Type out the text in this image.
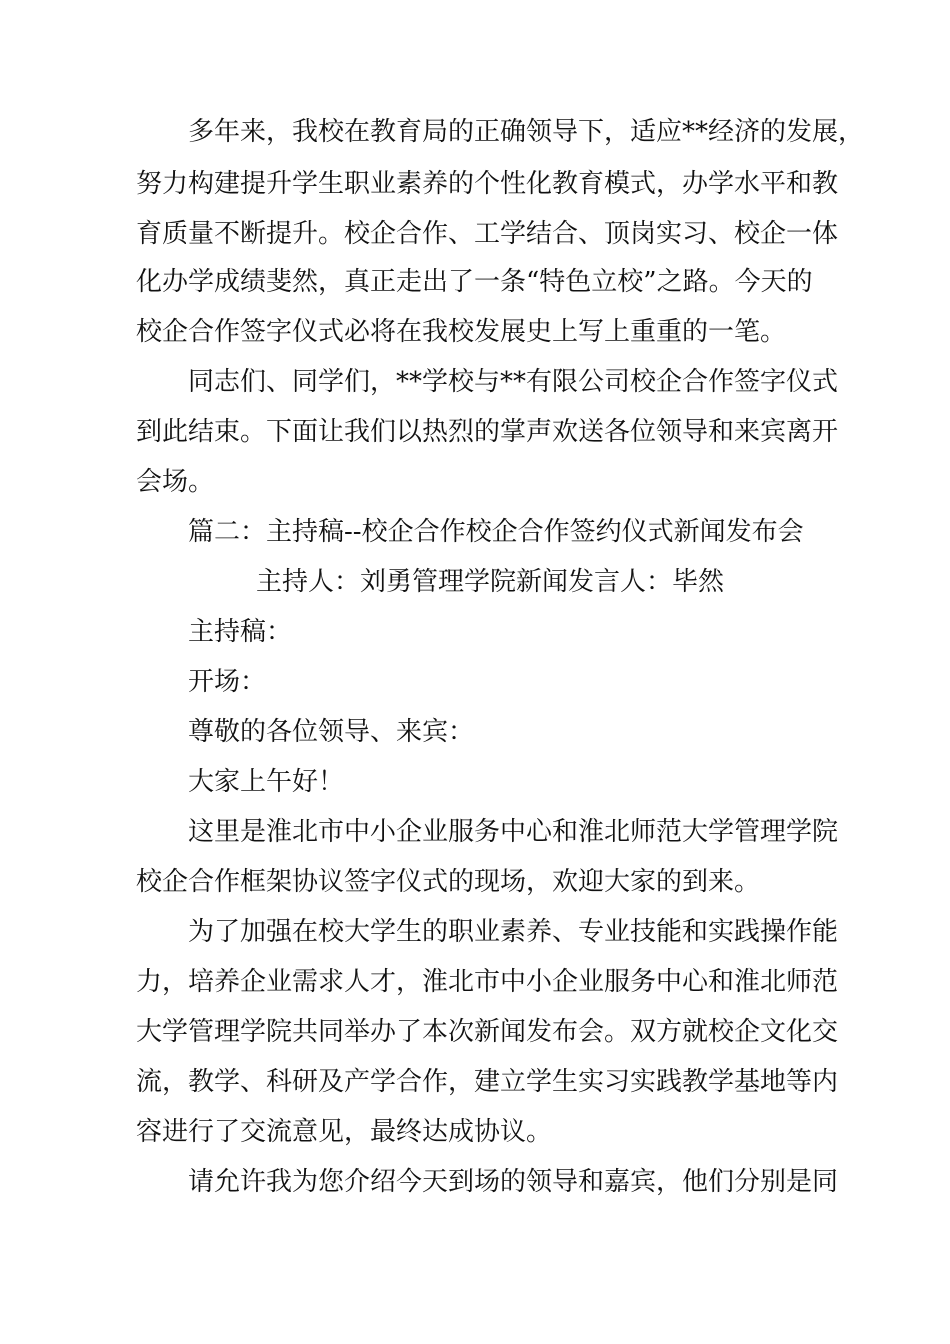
多年来，我校在教育局的正确领导下，适应**经济的发展，
努力构建提升学生职业素养的个性化教育模式，办学水平和教
育质量不断提升。校企合作、工学结合、顶岗实习、校企一体
化办学成绩斐然，真正走出了一条“特色立校”之路。今天的
校企合作签字仪式必将在我校发展史上写上重重的一笔。
同志们、同学们，**学校与**有限公司校企合作签字仪式
到此结束。下面让我们以热烈的掌声欢送各位领导和来宾离开
会场。
篇二：主持稿--校企合作校企合作签约仪式新闻发布会
主持人：刘勇管理学院新闻发言人：毕然
主持稿：
开场：
尊敬的各位领导、来宾：
大家上午好！
这里是淮北市中小企业服务中心和淮北师范大学管理学院
校企合作框架协议签字仪式的现场，欢迎大家的到来。
为了加强在校大学生的职业素养、专业技能和实践操作能
力，培养企业需求人才，淮北市中小企业服务中心和淮北师范
大学管理学院共同举办了本次新闻发布会。双方就校企文化交
流，教学、科研及产学合作，建立学生实习实践教学基地等内
容进行了交流意见，最终达成协议。
请允许我为您介绍今天到场的领导和嘉宾，他们分别是同
